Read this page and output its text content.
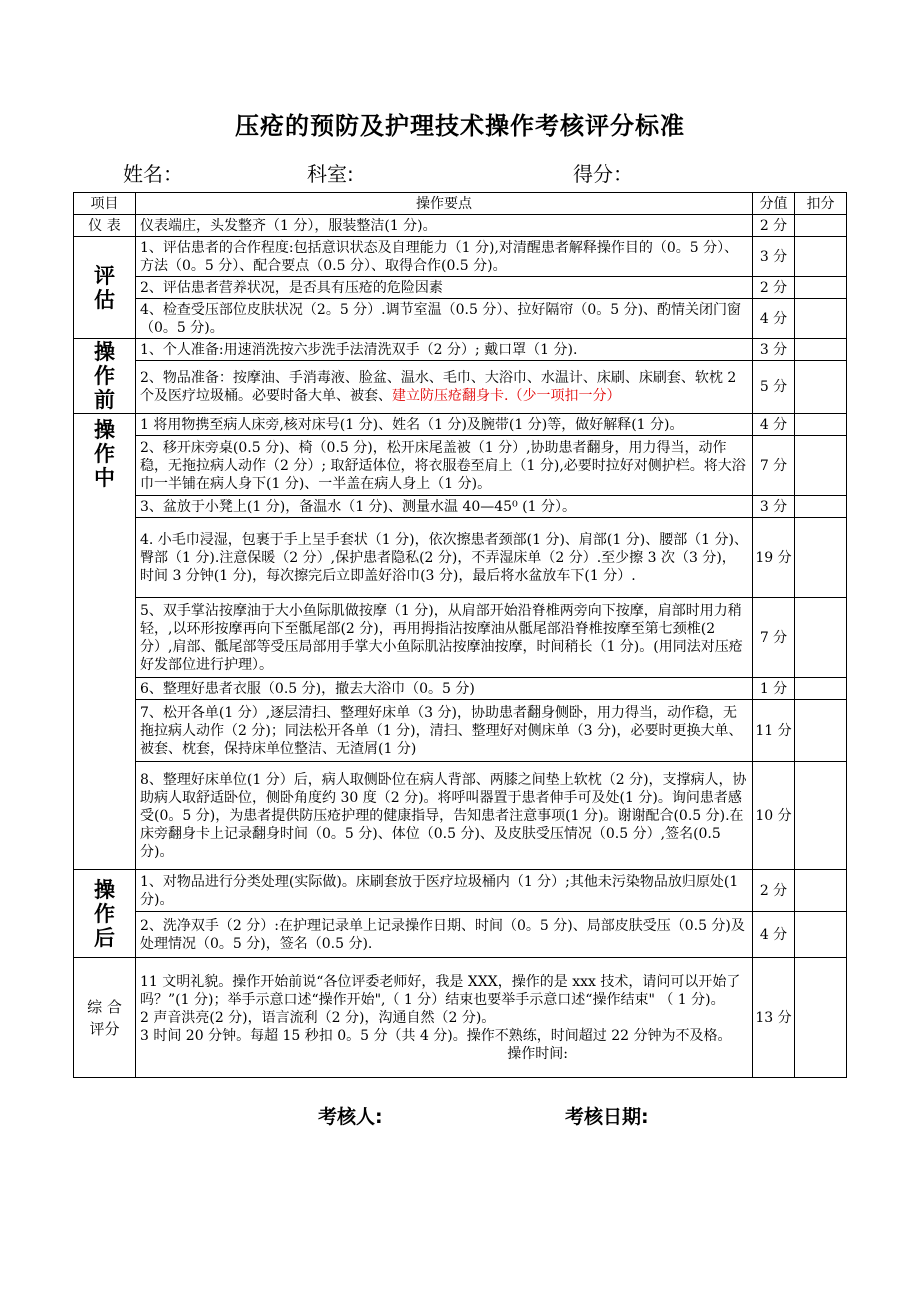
压疮的预防及护理技术操作考核评分标准
姓名：	科室:	得分：
项目	操作要点	分值	扣分
仪 表	仪表端庄，头发整齐（1 分），服装整洁(1 分)。	2 分	

评
估	1、评估患者的合作程度:包括意识状态及自理能力（1 分),对清醒患者解释操作目的（0。5 分）、方法（0。5 分）、配合要点（0.5 分）、取得合作(0.5 分)。	3 分	
	2、评估患者营养状况，是否具有压疮的危险因素	2 分	
	4、检查受压部位皮肤状况（2。5 分）.调节室温（0.5 分）、拉好隔帘（0。5 分)、酌情关闭门窗（0。5 分)。	4 分	

操
作
前	1、个人准备:用速消洗按六步洗手法清洗双手（2 分）; 戴口罩（1 分).	3 分	
	2、物品准备：按摩油、手消毒液、脸盆、温水、毛巾、大浴巾、水温计、床刷、床刷套、软枕 2 个及医疗垃圾桶。必要时备大单、被套、建立防压疮翻身卡.（少一项扣一分）	5 分	

操
作
中	1 将用物携至病人床旁,核对床号(1 分)、姓名（1 分)及腕带(1 分)等，做好解释(1 分)。	4 分	
	2、移开床旁桌(0.5 分)、椅（0.5 分)，松开床尾盖被（1 分）,协助患者翻身，用力得当，动作稳，无拖拉病人动作（2 分）; 取舒适体位，将衣服卷至肩上（1 分),必要时拉好对侧护栏。将大浴巾一半铺在病人身下(1 分)、一半盖在病人身上（1 分)。	7 分	
	3、盆放于小凳上(1 分)，备温水（1 分)、测量水温 40—45⁰ (1 分）。	3 分	
	4. 小毛巾浸湿，包裹于手上呈手套状（1 分)，依次擦患者颈部(1 分)、肩部(1 分)、腰部（1 分)、臀部（1 分).注意保暖（2 分）,保护患者隐私(2 分)，不弄湿床单（2 分）.至少擦 3 次（3 分)，时间 3 分钟(1 分)，每次擦完后立即盖好浴巾(3 分)，最后将水盆放车下(1 分）.	19 分	
	5、双手掌沾按摩油于大小鱼际肌做按摩（1 分)，从肩部开始沿脊椎两旁向下按摩，肩部时用力稍轻，,以环形按摩再向下至骶尾部(2 分)，再用拇指沾按摩油从骶尾部沿脊椎按摩至第七颈椎(2 分）,肩部、骶尾部等受压局部用手掌大小鱼际肌沾按摩油按摩，时间稍长（1 分)。(用同法对压疮好发部位进行护理）。	7 分	
	6、整理好患者衣服（0.5 分)，撤去大浴巾（0。5 分)	1 分	
	7、松开各单(1 分）,逐层清扫、整理好床单（3 分)，协助患者翻身侧卧，用力得当，动作稳，无拖拉病人动作（2 分)；同法松开各单（1 分)，清扫、整理好对侧床单（3 分)，必要时更换大单、被套、枕套，保持床单位整洁、无渣屑(1 分)	11 分	
	8、整理好床单位(1 分）后，病人取侧卧位在病人背部、两膝之间垫上软枕（2 分)，支撑病人，协助病人取舒适卧位，侧卧角度约 30 度（2 分)。将呼叫器置于患者伸手可及处(1 分)。询问患者感受(0。5 分)，为患者提供防压疮护理的健康指导，告知患者注意事项(1 分)。谢谢配合(0.5 分).在床旁翻身卡上记录翻身时间（0。5 分)、体位（0.5 分)、及皮肤受压情况（0.5 分）,签名(0.5 分)。	10 分	

操
作
后	1、对物品进行分类处理(实际做)。床刷套放于医疗垃圾桶内（1 分）;其他未污染物品放归原处(1 分)。	2 分	
	2、洗净双手（2 分）:在护理记录单上记录操作日期、时间（0。5 分)、局部皮肤受压（0.5 分)及处理情况（0。5 分)，签名（0.5 分).	4 分	

综 合
评分	11 文明礼貌。操作开始前说“各位评委老师好，我是 XXX，操作的是 xxx 技术，请问可以开始了吗？”(1 分)；举手示意口述“操作开始",（ 1 分）结束也要举手示意口述“操作结束" （ 1 分)。
2 声音洪亮(2 分)，语言流利（2 分)，沟通自然（2 分)。
3 时间 20 分钟。每超 15 秒扣 0。5 分（共 4 分)。操作不熟练，时间超过 22 分钟为不及格。
操作时间:	13 分	
考核人:	考核日期:
